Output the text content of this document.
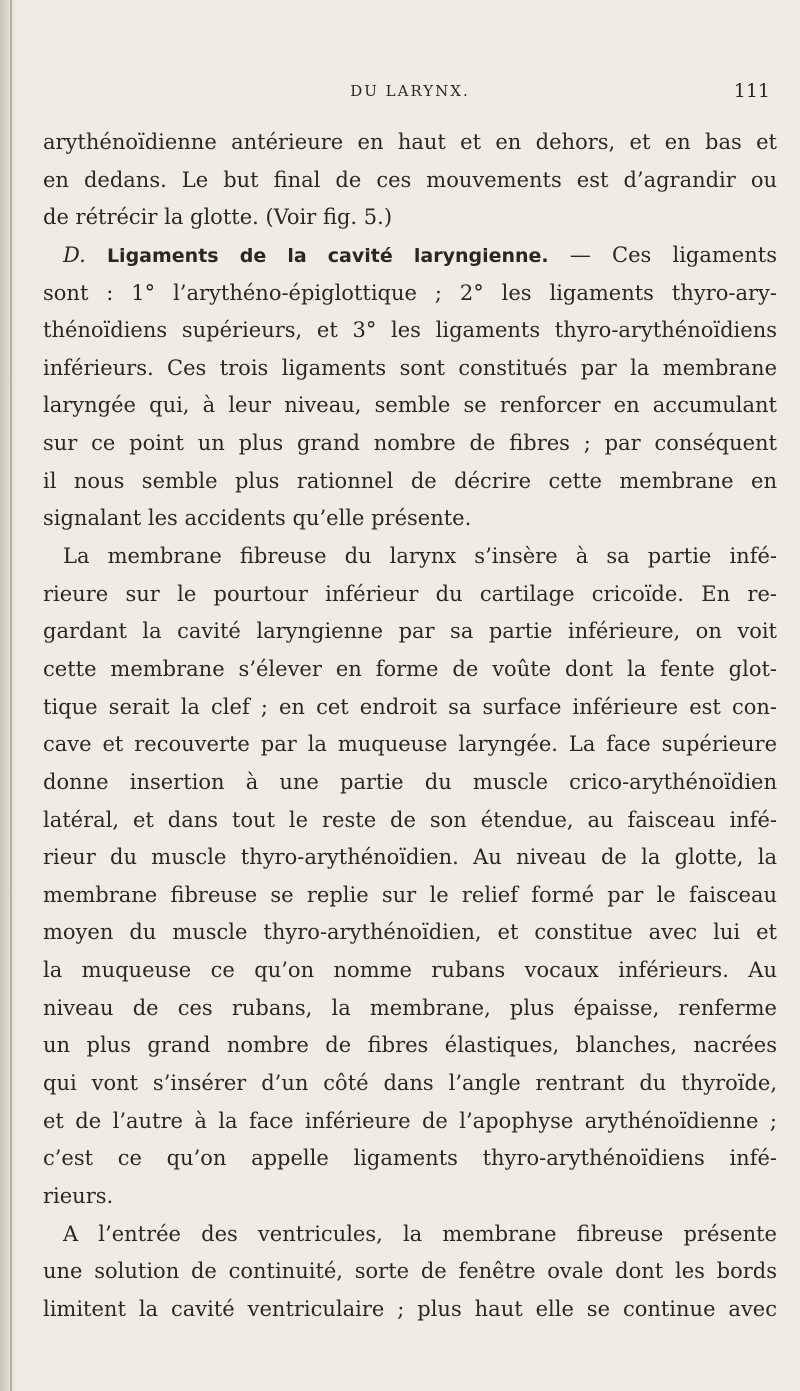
DU LARYNX.	111
arythénoïdienne antérieure en haut et en dehors, et en bas et
en dedans. Le but final de ces mouvements est d’agrandir ou
de rétrécir la glotte. (Voir fig. 5.)
D. Ligaments de la cavité laryngienne. — Ces ligaments
sont : 1° l’arythéno-épiglottique ; 2° les ligaments thyro-ary-
thénoïdiens supérieurs, et 3° les ligaments thyro-arythénoïdiens
inférieurs. Ces trois ligaments sont constitués par la membrane
laryngée qui, à leur niveau, semble se renforcer en accumulant
sur ce point un plus grand nombre de fibres ; par conséquent
il nous semble plus rationnel de décrire cette membrane en
signalant les accidents qu’elle présente.
La membrane fibreuse du larynx s’insère à sa partie infé-
rieure sur le pourtour inférieur du cartilage cricoïde. En re-
gardant la cavité laryngienne par sa partie inférieure, on voit
cette membrane s’élever en forme de voûte dont la fente glot-
tique serait la clef ; en cet endroit sa surface inférieure est con-
cave et recouverte par la muqueuse laryngée. La face supérieure
donne insertion à une partie du muscle crico-arythénoïdien
latéral, et dans tout le reste de son étendue, au faisceau infé-
rieur du muscle thyro-arythénoïdien. Au niveau de la glotte, la
membrane fibreuse se replie sur le relief formé par le faisceau
moyen du muscle thyro-arythénoïdien, et constitue avec lui et
la muqueuse ce qu’on nomme rubans vocaux inférieurs. Au
niveau de ces rubans, la membrane, plus épaisse, renferme
un plus grand nombre de fibres élastiques, blanches, nacrées
qui vont s’insérer d’un côté dans l’angle rentrant du thyroïde,
et de l’autre à la face inférieure de l’apophyse arythénoïdienne ;
c’est ce qu’on appelle ligaments thyro-arythénoïdiens infé-
rieurs.
A l’entrée des ventricules, la membrane fibreuse présente
une solution de continuité, sorte de fenêtre ovale dont les bords
limitent la cavité ventriculaire ; plus haut elle se continue avec
